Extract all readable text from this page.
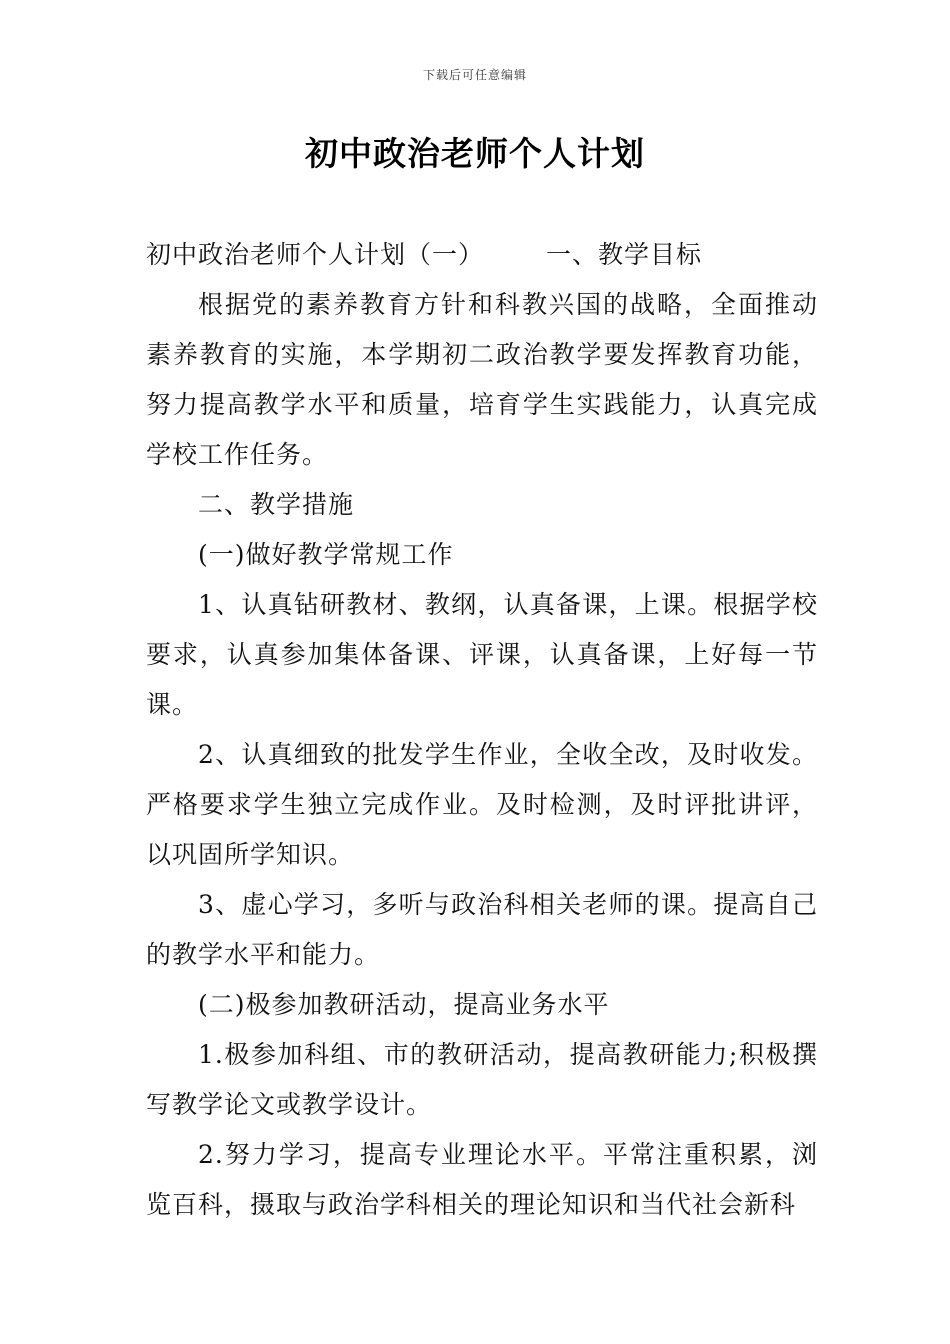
下载后可任意编辑
初中政治老师个人计划

初中政治老师个人计划（一） 一、教学目标

根据党的素养教育方针和科教兴国的战略，全面推动素养教育的实施，本学期初二政治教学要发挥教育功能，努力提高教学水平和质量，培育学生实践能力，认真完成学校工作任务。

二、教学措施

(一)做好教学常规工作

1、认真钻研教材、教纲，认真备课，上课。根据学校要求，认真参加集体备课、评课，认真备课，上好每一节课。

2、认真细致的批发学生作业，全收全改，及时收发。严格要求学生独立完成作业。及时检测，及时评批讲评，以巩固所学知识。

3、虚心学习，多听与政治科相关老师的课。提高自己的教学水平和能力。

(二)极参加教研活动，提高业务水平

1.极参加科组、市的教研活动，提高教研能力;积极撰写教学论文或教学设计。

2.努力学习，提高专业理论水平。平常注重积累，浏览百科，摄取与政治学科相关的理论知识和当代社会新科
